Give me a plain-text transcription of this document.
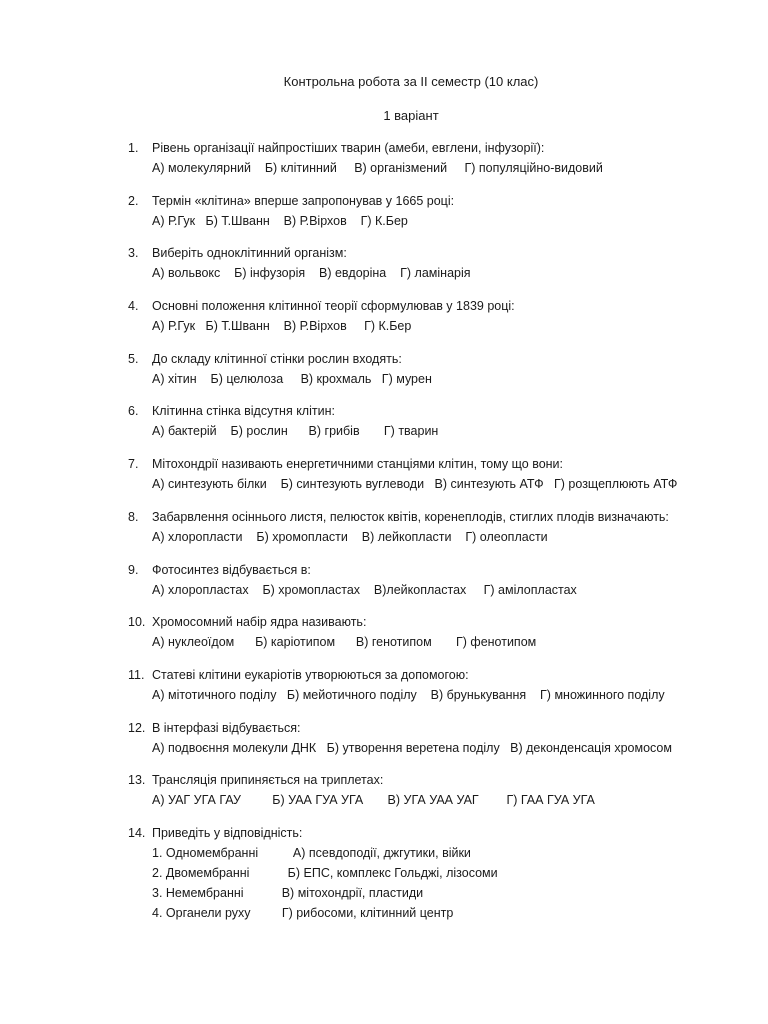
Контрольна робота за ІІ семестр (10 клас)
1 варіант
1. Рівень організації найпростіших тварин (амеби, евглени, інфузорії):
А) молекулярний    Б) клітинний     В) організмений     Г) популяційно-видовий
2. Термін «клітина» вперше запропонував у 1665 році:
А) Р.Гук   Б) Т.Шванн    В) Р.Вірхов    Г) К.Бер
3. Виберіть одноклітинний організм:
А) вольвокс    Б) інфузорія    В) евдоріна    Г) ламінарія
4. Основні положення клітинної теорії сформулював у 1839 році:
А) Р.Гук   Б) Т.Шванн    В) Р.Вірхов     Г) К.Бер
5. До складу клітинної стінки рослин входять:
А) хітин    Б) целюлоза     В) крохмаль   Г) мурен
6. Клітинна стінка відсутня клітин:
А) бактерій    Б) рослин      В) грибів       Г) тварин
7. Мітохондрії називають енергетичними станціями клітин, тому що вони:
А) синтезують білки    Б) синтезують вуглеводи   В) синтезують АТФ   Г) розщеплюють АТФ
8. Забарвлення осіннього листя, пелюсток квітів, коренеплодів, стиглих плодів визначають:
А) хлоропласти    Б) хромопласти    В) лейкопласти    Г) олеопласти
9. Фотосинтез відбувається в:
А) хлоропластах    Б) хромопластах    В)лейкопластах     Г) амілопластах
10. Хромосомний набір ядра називають:
А) нуклеоїдом      Б) каріотипом      В) генотипом       Г) фенотипом
11. Статеві клітини еукаріотів утворюються за допомогою:
А) мітотичного поділу   Б) мейотичного поділу    В) брунькування    Г) множинного поділу
12. В інтерфазі відбувається:
А) подвоєння молекули ДНК   Б) утворення веретена поділу   В) деконденсація хромосом
13. Трансляція припиняється на триплетах:
А) УАГ УГА ГАУ         Б) УАА ГУА УГА       В) УГА УАА УАГ        Г) ГАА ГУА УГА
14. Приведіть у відповідність:
1. Одномембранні          А) псевдоподії, джгутики, війки
2. Двомембранні           Б) ЕПС, комплекс Гольджі, лізосоми
3. Немембранні           В) мітохондрії, пластиди
4. Органели руху         Г) рибосоми, клітинний центр
